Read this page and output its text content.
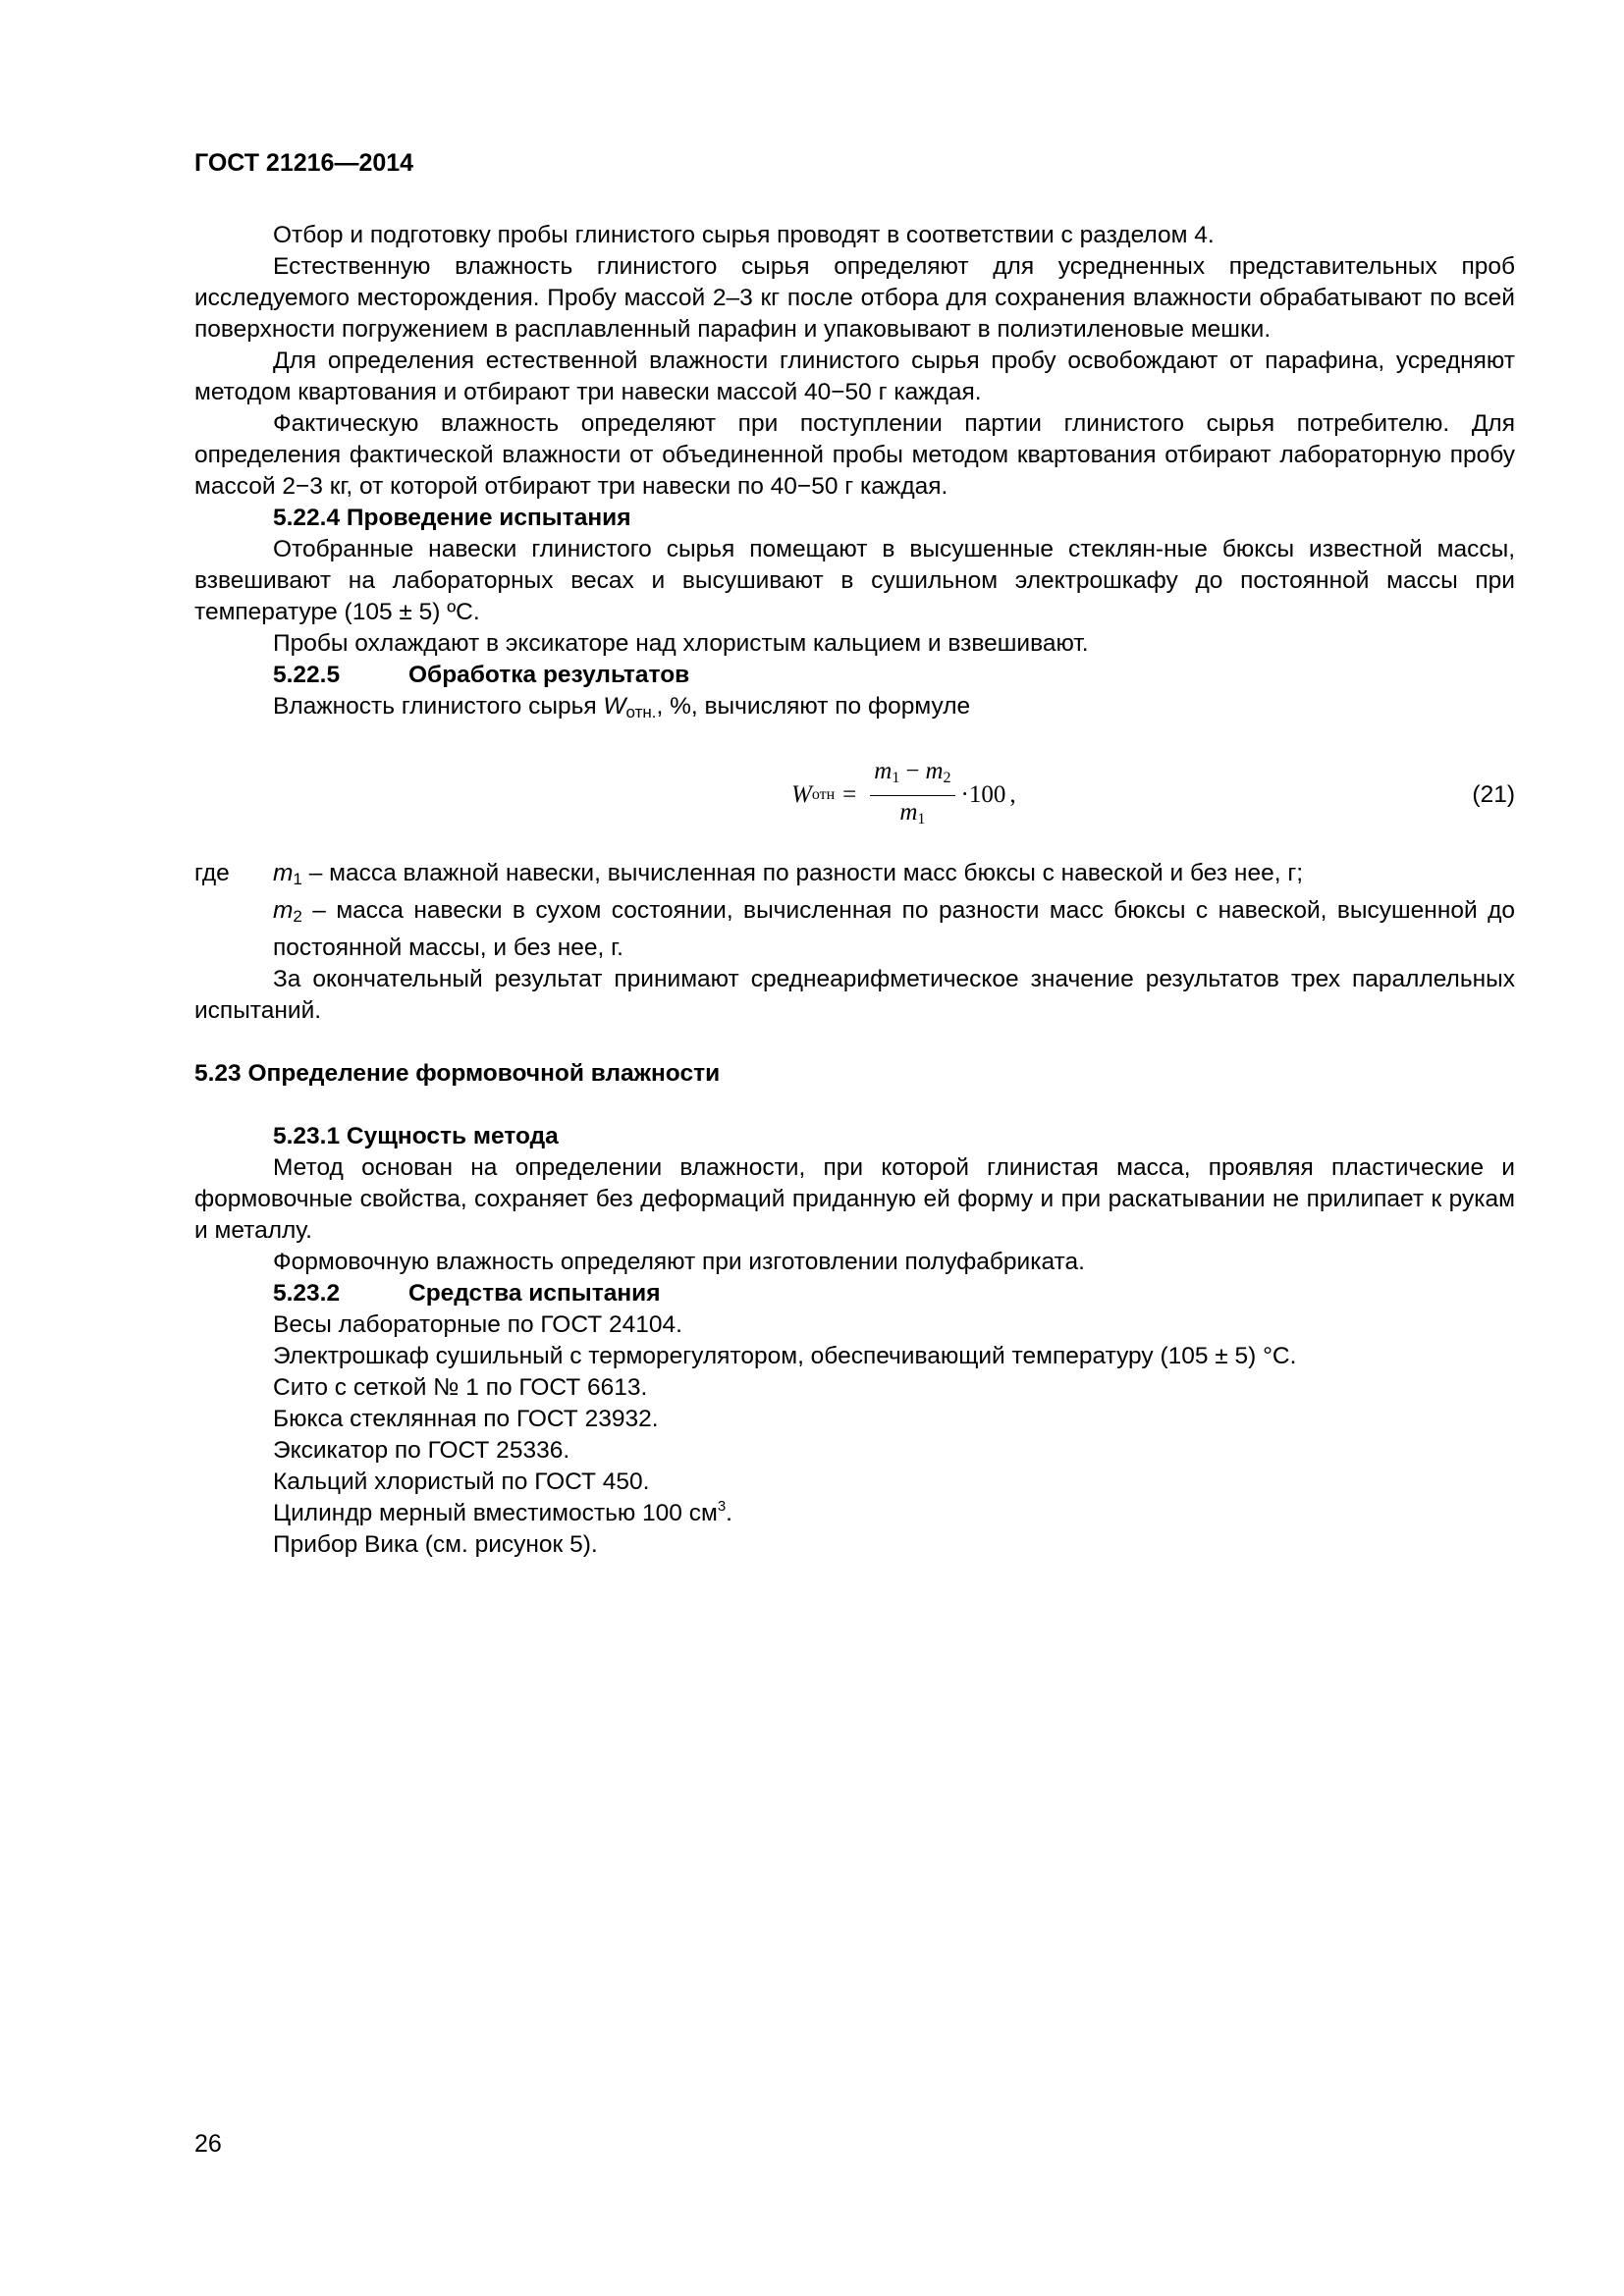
ГОСТ 21216—2014

Отбор и подготовку пробы глинистого сырья проводят в соответствии с разделом 4.

Естественную влажность глинистого сырья определяют для усредненных представительных проб исследуемого месторождения. Пробу массой 2–3 кг после отбора для сохранения влажности обрабатывают по всей поверхности погружением в расплавленный парафин и упаковывают в полиэтиленовые мешки.

Для определения естественной влажности глинистого сырья пробу освобождают от парафина, усредняют методом квартования и отбирают три навески массой 40−50 г каждая.

Фактическую влажность определяют при поступлении партии глинистого сырья потребителю. Для определения фактической влажности от объединенной пробы методом квартования отбирают лабораторную пробу массой 2−3 кг, от которой отбирают три навески по 40−50 г каждая.

5.22.4 Проведение испытания

Отобранные навески глинистого сырья помещают в высушенные стеклян-ные бюксы известной массы, взвешивают на лабораторных весах и высушивают в сушильном электрошкафу до постоянной массы при температуре (105 ± 5) ºС.

Пробы охлаждают в эксикаторе над хлористым кальцием и взвешивают.

5.22.5	Обработка результатов

Влажность глинистого сырья Wотн., %, вычисляют по формуле

W отн = $\frac{m_1 - m_2}{m_1} \cdot 100$ ,	(21)
где	m1 – масса влажной навески, вычисленная по разности масс бюксы с навеской и без нее, г;

m2 – масса навески в сухом состоянии, вычисленная по разности масс бюксы с навеской, высушенной до постоянной массы, и без нее, г.

За окончательный результат принимают среднеарифметическое значение результатов трех параллельных испытаний.

5.23 Определение формовочной влажности

5.23.1 Сущность метода

Метод основан на определении влажности, при которой глинистая масса, проявляя пластические и формовочные свойства, сохраняет без деформаций приданную ей форму и при раскатывании не прилипает к рукам и металлу.

Формовочную влажность определяют при изготовлении полуфабриката.

5.23.2	Средства испытания

Весы лабораторные по ГОСТ 24104.

Электрошкаф сушильный с терморегулятором, обеспечивающий температуру (105 ± 5) °С.

Сито с сеткой № 1 по ГОСТ 6613.

Бюкса стеклянная по ГОСТ 23932.

Эксикатор по ГОСТ 25336.

Кальций хлористый по ГОСТ 450.

Цилиндр мерный вместимостью 100 $см^3$.

Прибор Вика (см. рисунок 5).

26
